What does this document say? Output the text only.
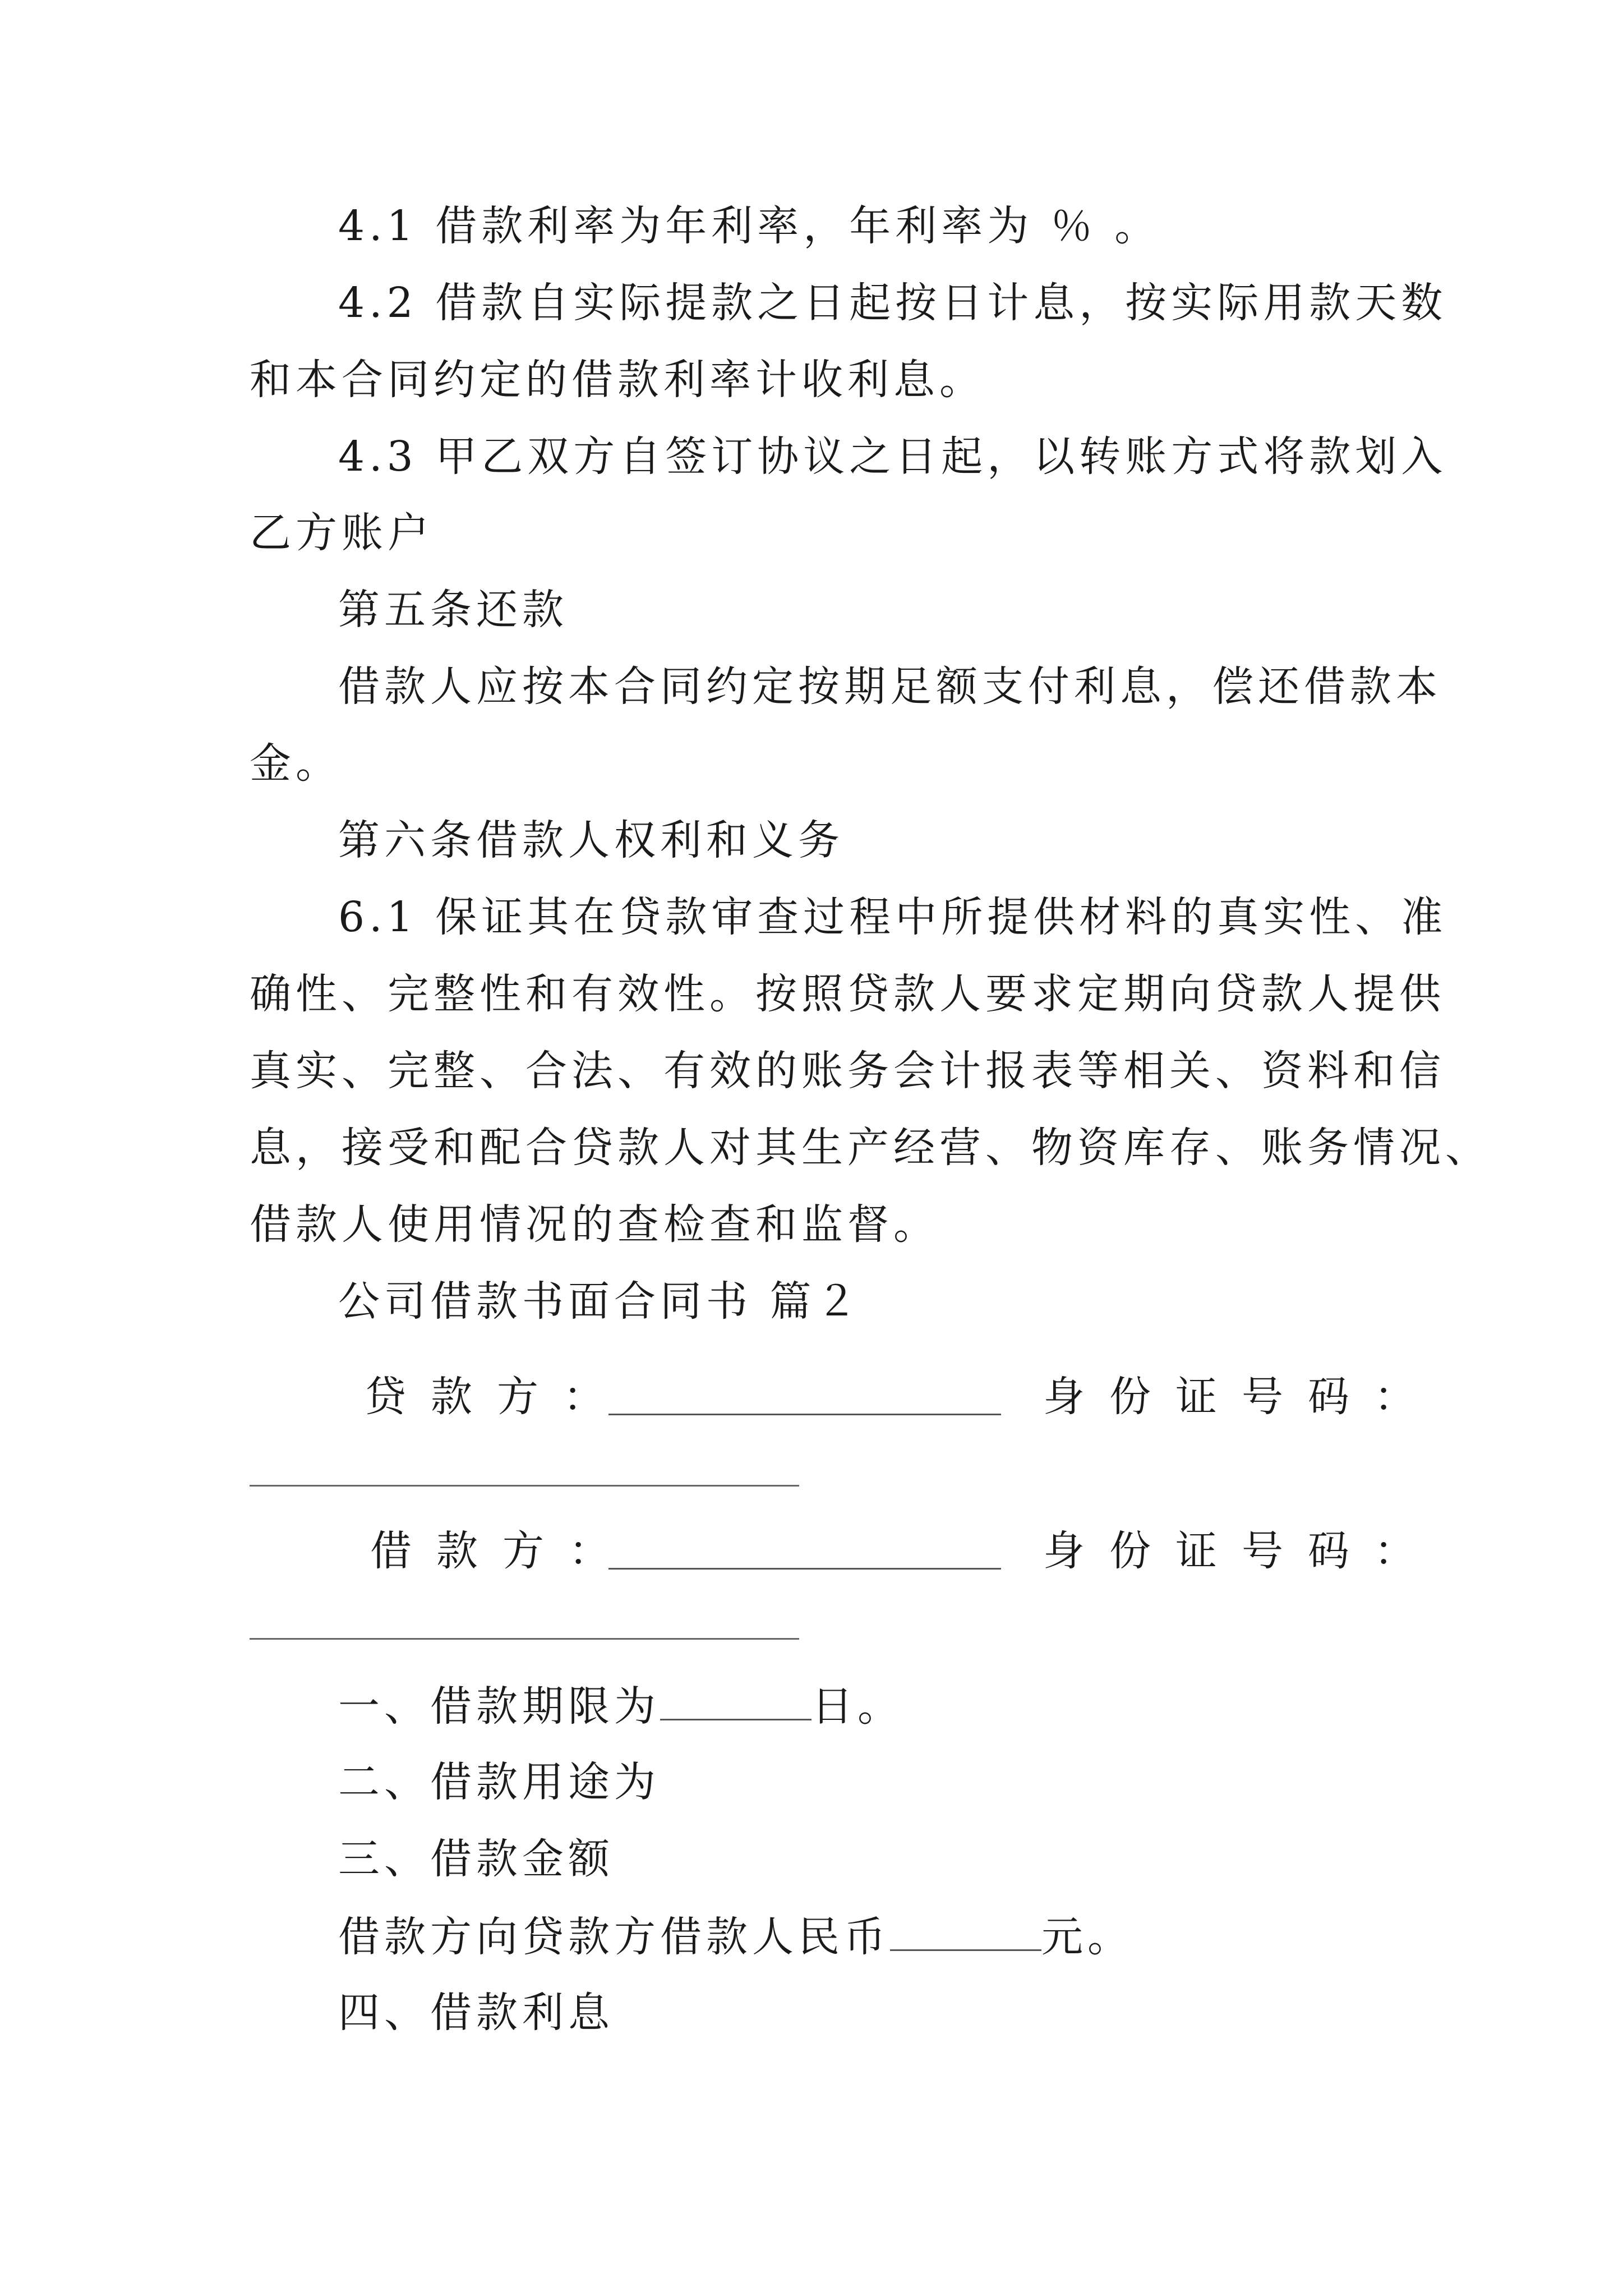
4.1 借款利率为年利率，年利率为 ％ 。
4.2 借款自实际提款之日起按日计息，按实际用款天数
和本合同约定的借款利率计收利息。
4.3 甲乙双方自签订协议之日起，以转账方式将款划入
乙方账户
第五条还款
借款人应按本合同约定按期足额支付利息，偿还借款本
金。
第六条借款人权利和义务
6.1 保证其在贷款审查过程中所提供材料的真实性、准
确性、完整性和有效性。按照贷款人要求定期向贷款人提供
真实、完整、合法、有效的账务会计报表等相关、资料和信
息，接受和配合贷款人对其生产经营、物资库存、账务情况、
借款人使用情况的查检查和监督。
公司借款书面合同书 篇２
贷款方：	身份证号码：
借款方：	身份证号码：
一、借款期限为	日。
二、借款用途为
三、借款金额
借款方向贷款方借款人民币	元。
四、借款利息
